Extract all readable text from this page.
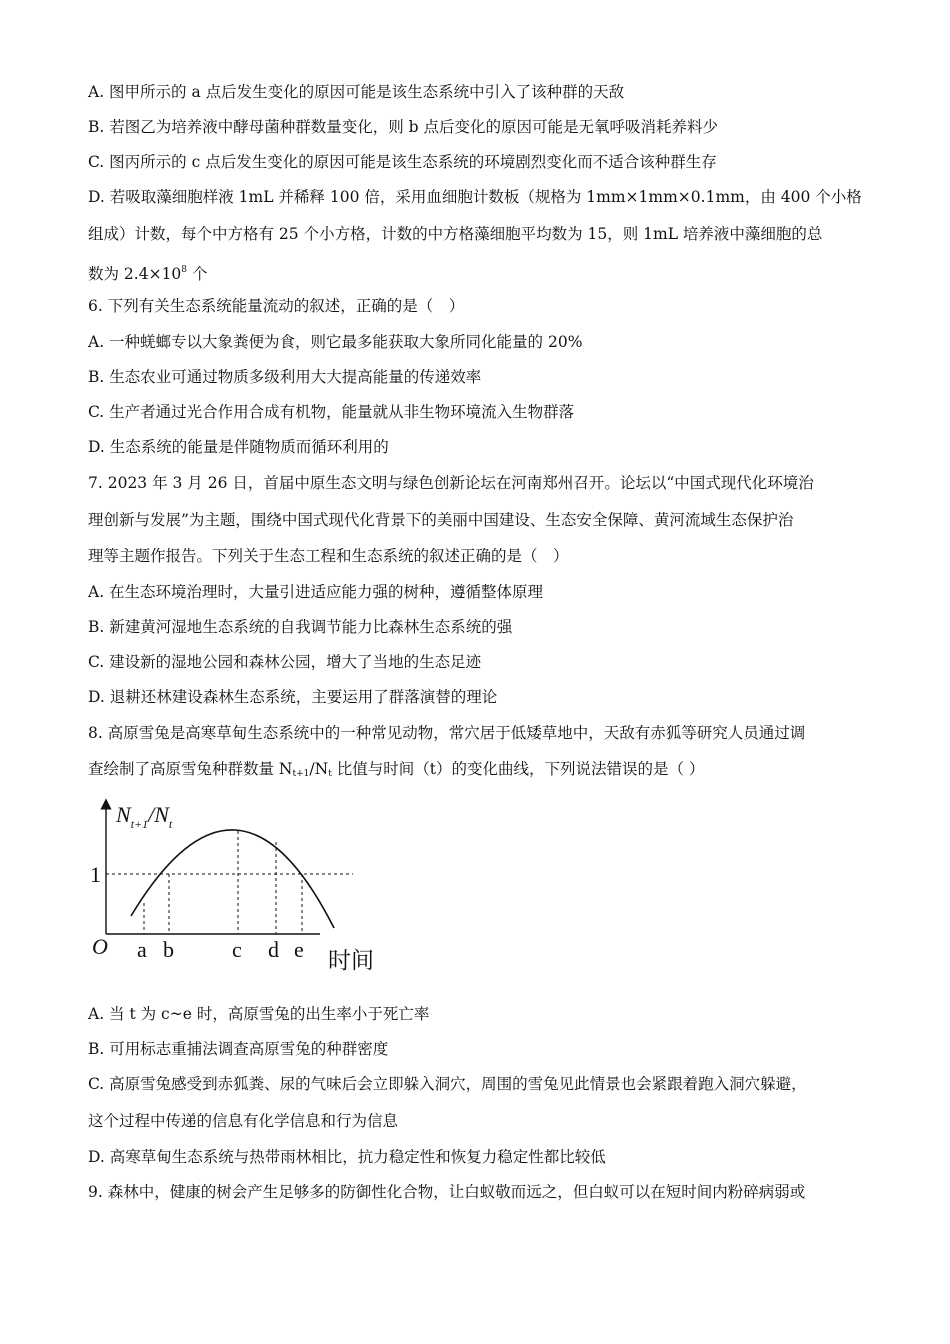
A. 图甲所示的 a 点后发生变化的原因可能是该生态系统中引入了该种群的天敌
B. 若图乙为培养液中酵母菌种群数量变化，则 b 点后变化的原因可能是无氧呼吸消耗养料少
C. 图丙所示的 c 点后发生变化的原因可能是该生态系统的环境剧烈变化而不适合该种群生存
D. 若吸取藻细胞样液 1mL 并稀释 100 倍，采用血细胞计数板（规格为 1mm×1mm×0.1mm，由 400 个小格
组成）计数，每个中方格有 25 个小方格，计数的中方格藻细胞平均数为 15，则 1mL 培养液中藻细胞的总
数为 $2.4\times 10^8$ 个
6. 下列有关生态系统能量流动的叙述，正确的是（　）
A. 一种蜣螂专以大象粪便为食，则它最多能获取大象所同化能量的 20%
B. 生态农业可通过物质多级利用大大提高能量的传递效率
C. 生产者通过光合作用合成有机物，能量就从非生物环境流入生物群落
D. 生态系统的能量是伴随物质而循环利用的
7. 2023 年 3 月 26 日，首届中原生态文明与绿色创新论坛在河南郑州召开。论坛以“中国式现代化环境治
理创新与发展”为主题，围绕中国式现代化背景下的美丽中国建设、生态安全保障、黄河流域生态保护治
理等主题作报告。下列关于生态工程和生态系统的叙述正确的是（　）
A. 在生态环境治理时，大量引进适应能力强的树种，遵循整体原理
B. 新建黄河湿地生态系统的自我调节能力比森林生态系统的强
C. 建设新的湿地公园和森林公园，增大了当地的生态足迹
D. 退耕还林建设森林生态系统，主要运用了群落演替的理论
8. 高原雪兔是高寒草甸生态系统中的一种常见动物，常穴居于低矮草地中，天敌有赤狐等研究人员通过调
查绘制了高原雪兔种群数量 $N_{t+1}/N_t$ 比值与时间（t）的变化曲线，下列说法错误的是（ ）
$N_{t+1}/N_t$
1
O a b	c d e 时间
A. 当 t 为 c~e 时，高原雪兔的出生率小于死亡率
B. 可用标志重捕法调查高原雪兔的种群密度
C. 高原雪兔感受到赤狐粪、尿的气味后会立即躲入洞穴，周围的雪兔见此情景也会紧跟着跑入洞穴躲避，
这个过程中传递的信息有化学信息和行为信息
D. 高寒草甸生态系统与热带雨林相比，抗力稳定性和恢复力稳定性都比较低
9. 森林中，健康的树会产生足够多的防御性化合物，让白蚁敬而远之，但白蚁可以在短时间内粉碎病弱或
